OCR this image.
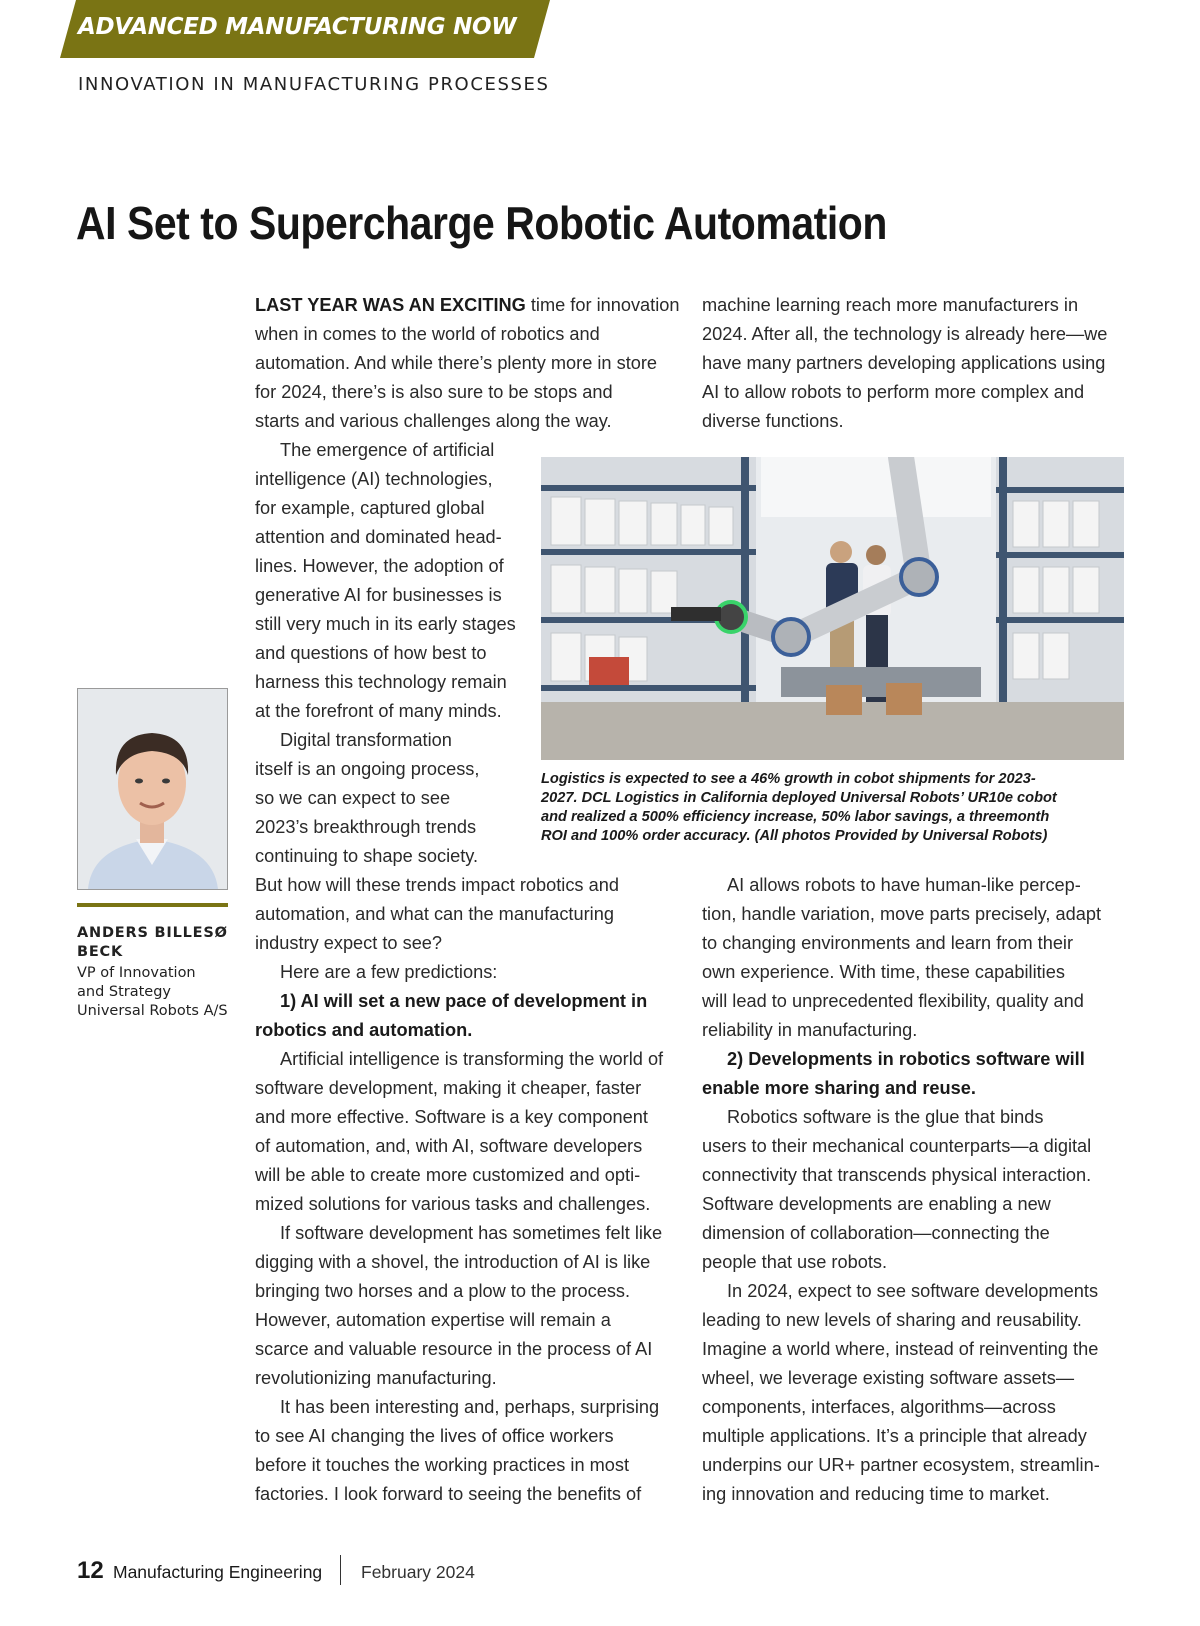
ADVANCED MANUFACTURING NOW
INNOVATION IN MANUFACTURING PROCESSES
AI Set to Supercharge Robotic Automation
LAST YEAR WAS AN EXCITING time for innovation
when in comes to the world of robotics and
automation. And while there’s plenty more in store
for 2024, there’s is also sure to be stops and
starts and various challenges along the way.
The emergence of artificial
intelligence (AI) technologies,
for example, captured global
attention and dominated head-
lines. However, the adoption of
generative AI for businesses is
still very much in its early stages
and questions of how best to
harness this technology remain
at the forefront of many minds.
Digital transformation
itself is an ongoing process,
so we can expect to see
2023’s breakthrough trends
continuing to shape society.
But how will these trends impact robotics and
automation, and what can the manufacturing
industry expect to see?
Here are a few predictions:
1) AI will set a new pace of development in
robotics and automation.
Artificial intelligence is transforming the world of
software development, making it cheaper, faster
and more effective. Software is a key component
of automation, and, with AI, software developers
will be able to create more customized and opti-
mized solutions for various tasks and challenges.
If software development has sometimes felt like
digging with a shovel, the introduction of AI is like
bringing two horses and a plow to the process.
However, automation expertise will remain a
scarce and valuable resource in the process of AI
revolutionizing manufacturing.
It has been interesting and, perhaps, surprising
to see AI changing the lives of office workers
before it touches the working practices in most
factories. I look forward to seeing the benefits of
machine learning reach more manufacturers in
2024. After all, the technology is already here—we
have many partners developing applications using
AI to allow robots to perform more complex and
diverse functions.
AI allows robots to have human-like percep-
tion, handle variation, move parts precisely, adapt
to changing environments and learn from their
own experience. With time, these capabilities
will lead to unprecedented flexibility, quality and
reliability in manufacturing.
2) Developments in robotics software will
enable more sharing and reuse.
Robotics software is the glue that binds
users to their mechanical counterparts—a digital
connectivity that transcends physical interaction.
Software developments are enabling a new
dimension of collaboration—connecting the
people that use robots.
In 2024, expect to see software developments
leading to new levels of sharing and reusability.
Imagine a world where, instead of reinventing the
wheel, we leverage existing software assets—
components, interfaces, algorithms—across
multiple applications. It’s a principle that already
underpins our UR+ partner ecosystem, streamlin-
ing innovation and reducing time to market.
Logistics is expected to see a 46% growth in cobot shipments for 2023-
2027. DCL Logistics in California deployed Universal Robots’ UR10e cobot
and realized a 500% efficiency increase, 50% labor savings, a threemonth
ROI and 100% order accuracy. (All photos Provided by Universal Robots)
ANDERS BILLESØ BECK
VP of Innovation
and Strategy
Universal Robots A/S
12 Manufacturing Engineering February 2024
